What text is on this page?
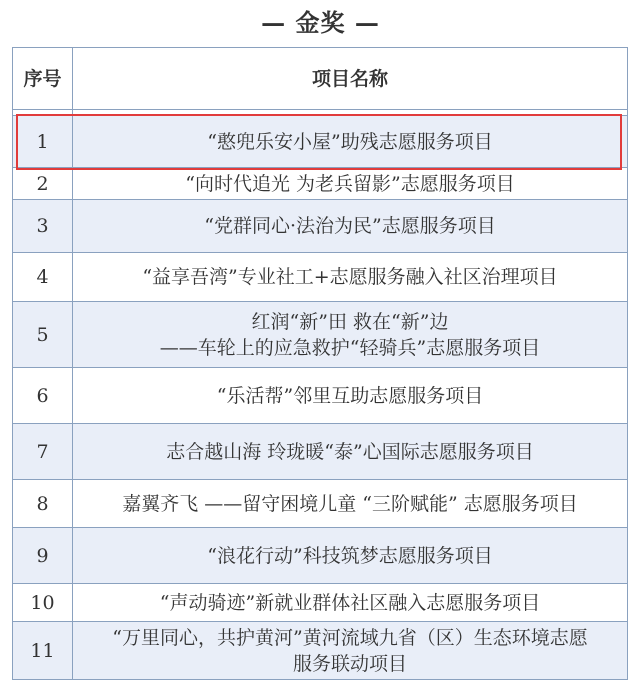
— 金奖 —
序号	项目名称

1	“憨兜乐安小屋”助残志愿服务项目
2	“向时代追光 为老兵留影”志愿服务项目
3	“党群同心·法治为民”志愿服务项目
4	“益享吾湾”专业社工+志愿服务融入社区治理项目
5	红润“新”田 救在“新”边
——车轮上的应急救护“轻骑兵”志愿服务项目

6	“乐活帮”邻里互助志愿服务项目
7	志合越山海 玲珑暖“泰”心国际志愿服务项目
8	嘉翼齐飞 ——留守困境儿童 “三阶赋能” 志愿服务项目
9	“浪花行动”科技筑梦志愿服务项目
10	“声动骑迹”新就业群体社区融入志愿服务项目
11	“万里同心，共护黄河”黄河流域九省（区）生态环境志愿
服务联动项目
